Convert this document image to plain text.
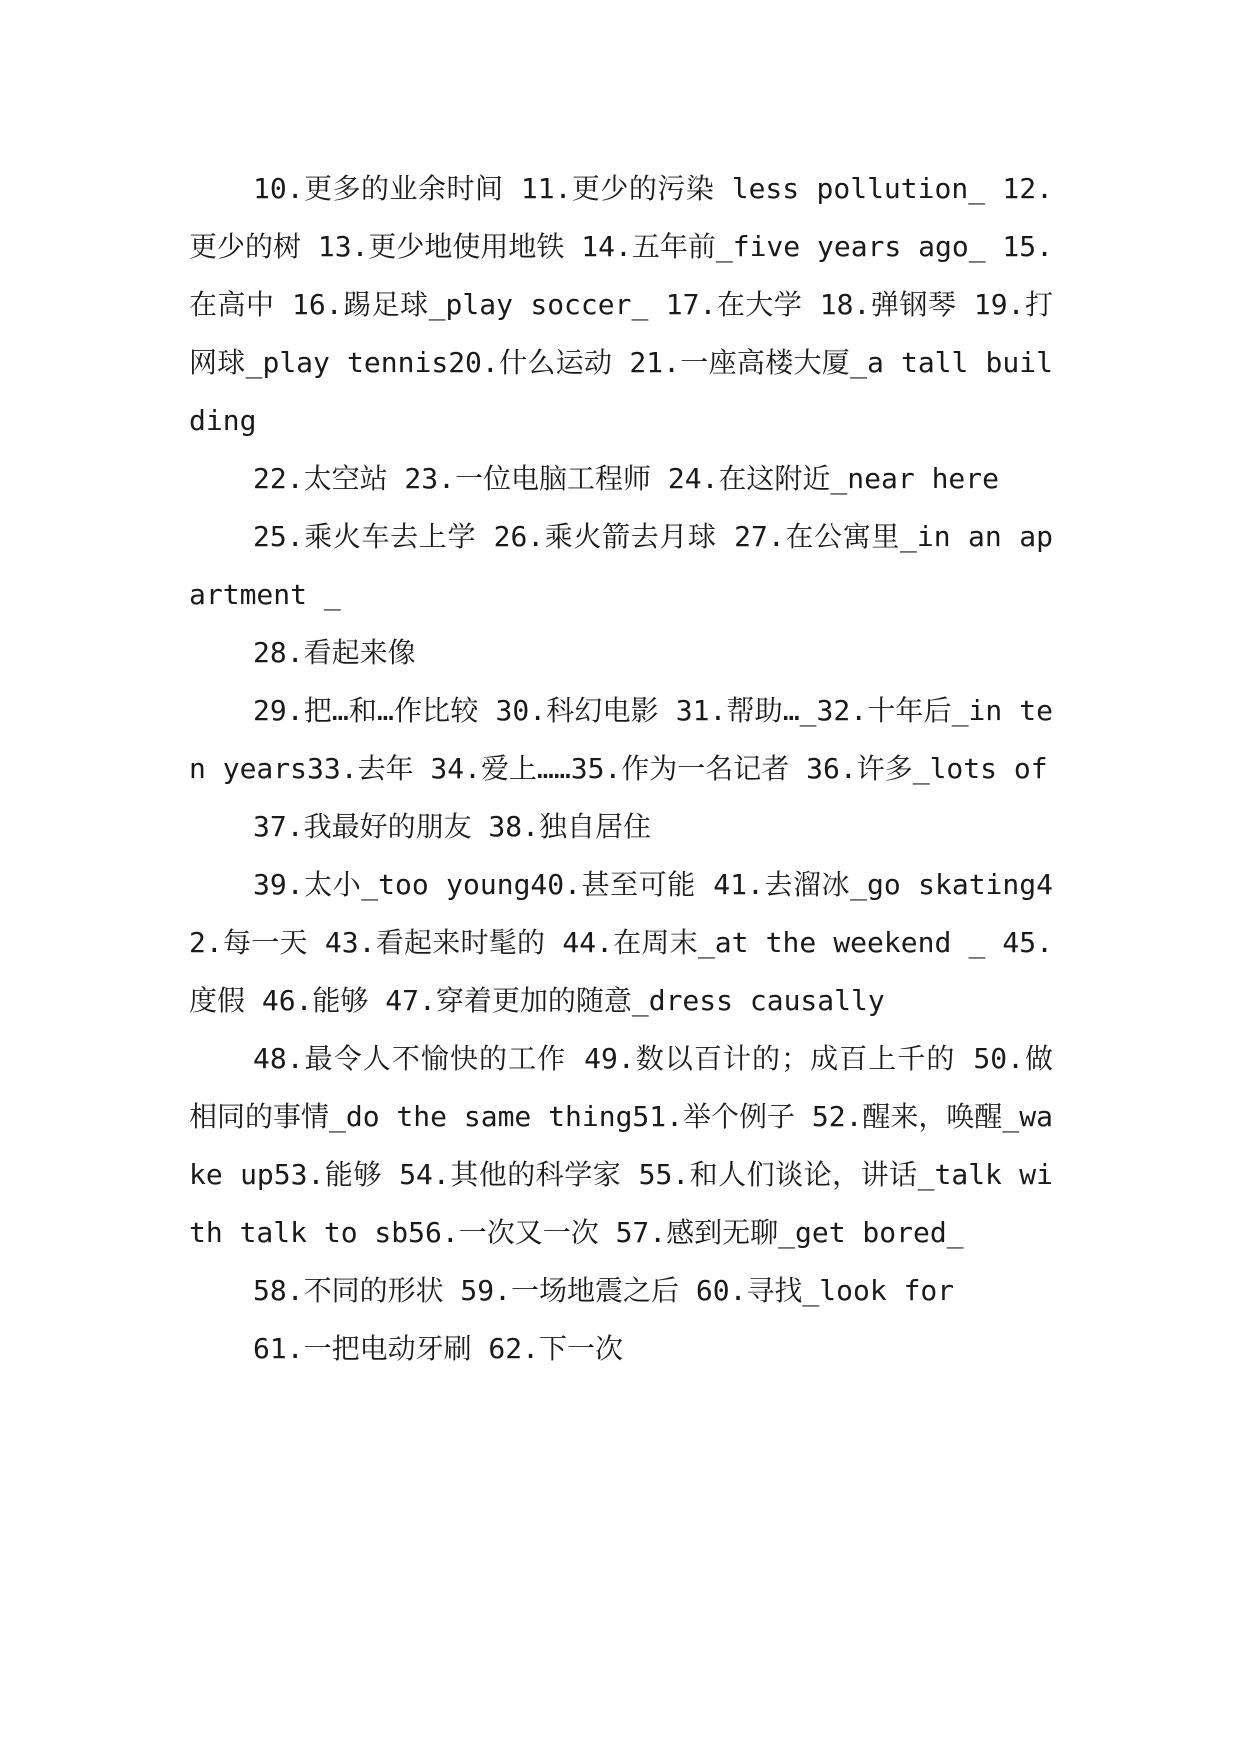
10.更多的业余时间 11.更少的污染 less pollution_ 12.更少的树 13.更少地使用地铁 14.五年前_five years ago_ 15.在高中 16.踢足球_play soccer_ 17.在大学 18.弹钢琴 19.打网球_play tennis20.什么运动 21.一座高楼大厦_a tall building

22.太空站 23.一位电脑工程师 24.在这附近_near here

25.乘火车去上学 26.乘火箭去月球 27.在公寓里_in an apartment _

28.看起来像

29.把…和…作比较 30.科幻电影 31.帮助…_32.十年后_in ten years33.去年 34.爱上……35.作为一名记者 36.许多_lots of

37.我最好的朋友 38.独自居住

39.太小_too young40.甚至可能 41.去溜冰_go skating42.每一天 43.看起来时髦的 44.在周末_at the weekend _ 45.度假 46.能够 47.穿着更加的随意_dress causally

48.最令人不愉快的工作 49.数以百计的；成百上千的 50.做相同的事情_do the same thing51.举个例子 52.醒来，唤醒_wake up53.能够 54.其他的科学家 55.和人们谈论，讲话_talk with talk to sb56.一次又一次 57.感到无聊_get bored_

58.不同的形状 59.一场地震之后 60.寻找_look for

61.一把电动牙刷 62.下一次
